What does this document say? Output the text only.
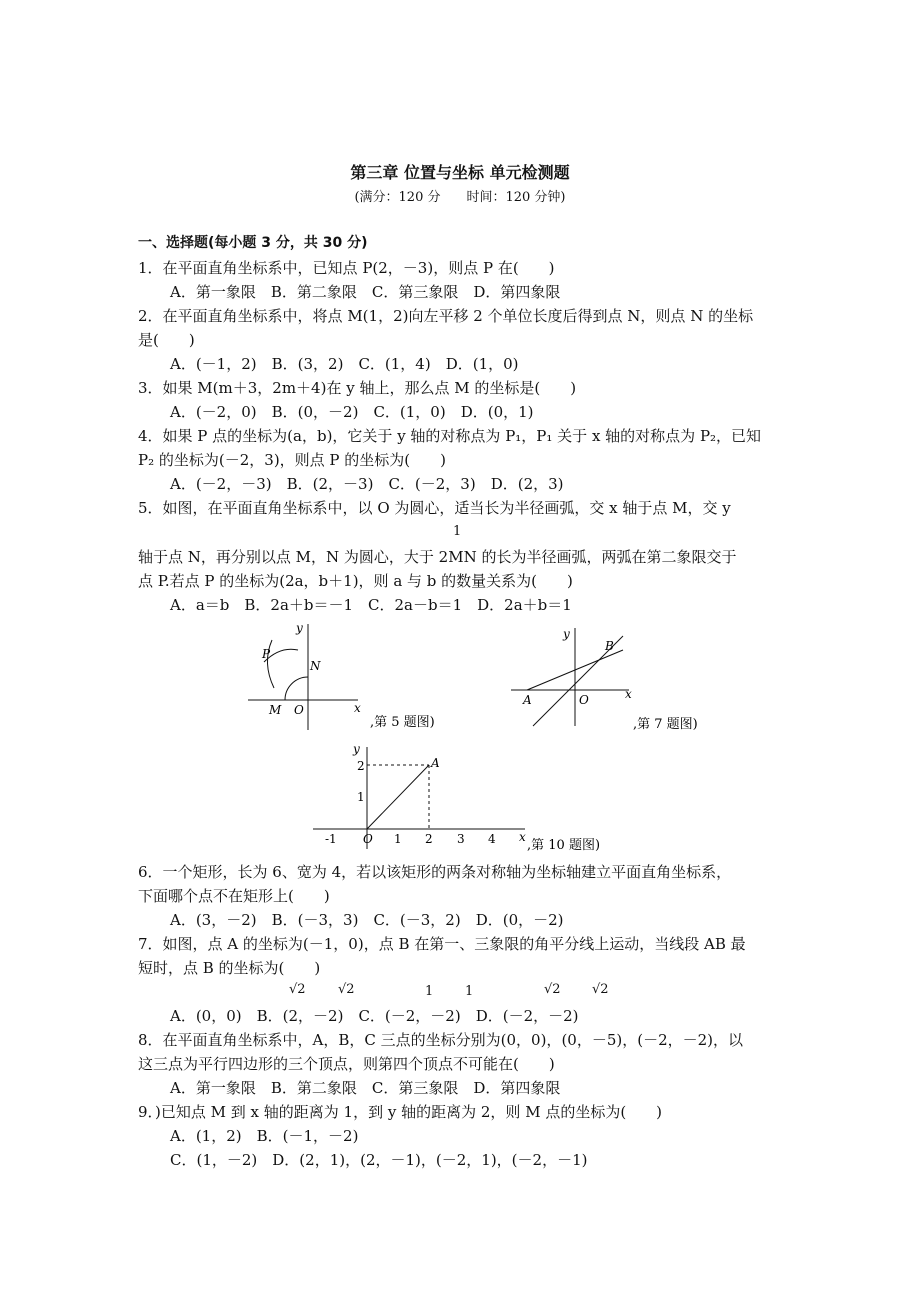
第三章 位置与坐标 单元检测题
(满分：120 分　　时间：120 分钟)
一、选择题(每小题 3 分，共 30 分)
1．在平面直角坐标系中，已知点 P(2，－3)，则点 P 在(　　)
A．第一象限　B．第二象限　C．第三象限　D．第四象限
2．在平面直角坐标系中，将点 M(1，2)向左平移 2 个单位长度后得到点 N，则点 N 的坐标
是(　　)
A．(－1，2)　B．(3，2)　C．(1，4)　D．(1，0)
3．如果 M(m＋3，2m＋4)在 y 轴上，那么点 M 的坐标是(　　)
A．(－2，0)　B．(0，－2)　C．(1，0)　D．(0，1)
4．如果 P 点的坐标为(a，b)，它关于 y 轴的对称点为 P₁，P₁ 关于 x 轴的对称点为 P₂，已知
P₂ 的坐标为(－2，3)，则点 P 的坐标为(　　)
A．(－2，－3)　B．(2，－3)　C．(－2，3)　D．(2，3)
5．如图，在平面直角坐标系中，以 O 为圆心，适当长为半径画弧，交 x 轴于点 M，交 y
1
轴于点 N，再分别以点 M，N 为圆心，大于 2MN 的长为半径画弧，两弧在第二象限交于
点 P.若点 P 的坐标为(2a，b＋1)，则 a 与 b 的数量关系为(　　)
A．a＝b　B．2a＋b＝－1　C．2a－b＝1　D．2a＋b＝1
x
y
P
N
M O
,第 5 题图)
x
y
A
B
O
,第 7 题图)
x
y
A
O
-1	1 2 3 4
1
2
,第 10 题图)
6．一个矩形，长为 6、宽为 4，若以该矩形的两条对称轴为坐标轴建立平面直角坐标系，
下面哪个点不在矩形上(　　)
A．(3，－2)　B．(－3，3)　C．(－3，2)　D．(0，－2)
7．如图，点 A 的坐标为(－1，0)，点 B 在第一、三象限的角平分线上运动，当线段 AB 最
短时，点 B 的坐标为(　　)
√2 √2	1 1	√2 √2
A．(0，0)　B．(2，－2)　C．(－2，－2)　D．(－2，－2)
8．在平面直角坐标系中，A，B，C 三点的坐标分别为(0，0)，(0，－5)，(－2，－2)，以
这三点为平行四边形的三个顶点，则第四个顶点不可能在(　　)
A．第一象限　B．第二象限　C．第三象限　D．第四象限
9．)已知点 M 到 x 轴的距离为 1，到 y 轴的距离为 2，则 M 点的坐标为(　　)
A．(1，2)　B．(－1，－2)
C．(1，－2)　D．(2，1)，(2，－1)，(－2，1)，(－2，－1)
